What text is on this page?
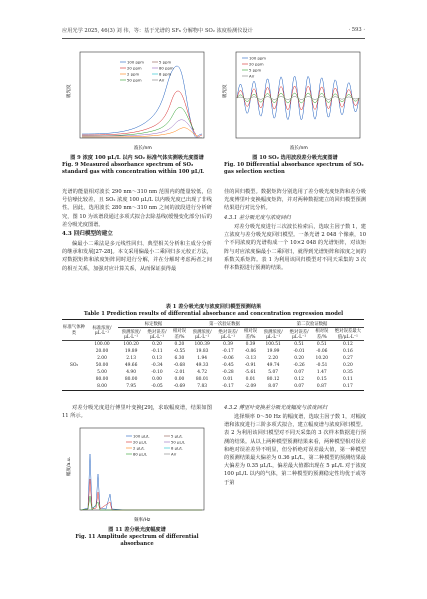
应用光学 2025, 46(3) 刘 伟，等：基于光谱的 SF₆ 分解物中 SO₂ 浓度检测仪设计	· 593 ·
吸光度
波长/nm
100 ppm	5 ppm
20 ppm	80 ppm
2 ppm	8 ppm
50 ppm	Air
图 9 浓度 100 μL/L 以内 SO₂ 标准气体实测吸光度图谱
Fig. 9 Measured absorbance spectrum of SO₂ standard gas with concentration within 100 μL/L
吸光度
波长/nm
100 ppm
20 ppm
5 ppm
Air
图 10 SO₂ 选用波段差分吸光度图谱
Fig. 10 Differential absorbance spectrum of SO₂ gas selection section
光谱的能量相对波长 290 nm～310 nm 范围内的能量较低，信号信噪比较差，且 SO₂ 浓度 100 μL/L 以内吸光度已出现了非线性。因此，选用波长 280 nm～310 nm 之间的波段进行分析研究，图 10 为该谱段通过多项式拟合去除基线(缓慢变化部分)后的差分吸光度图谱。
4.3 回归模型的建立
偏最小二乘法是多元线性回归、典型相关分析和主成分分析的继承和发展[27-28]。本文采用偏最小二乘回归多元校正方法，对数据矩阵和浓度矩阵同时进行分解，并在分解时考虑两者之间的相互关系，加强对应计算关系，从而保证获得最
佳的回归模型。数据矩阵分别选用了差分吸光度矩阵和差分吸光度傅里叶变换幅度矩阵，并对两种数据建立的回归模型预测结果进行对比分析。
4.3.1 差分吸光度与浓度回归
对差分吸光度进行三次波长检索后，选取主因子数 1，建立浓度与差分吸光度回归模型。一条光谱 2 048 个像素，10 个不同浓度的光谱构成一个 10×2 048 的光谱矩阵，对该矩阵与对应浓度偏最小二乘回归，就得到光谱矩阵和浓度之间的系数关系矩阵。表 1 为利用该回归模型对不同天采集的 3 次样本数据进行预测的结果。
表 1 差分吸光度与浓度回归模型预测结果
Table 1 Prediction results of differential absorbance and concentration regression model
标准气体种类	标准浓度/μL·L⁻¹	标定数据			第一次验证数据			第二次验证数据			
		预测浓度/μL·L⁻¹	绝对误差/μL·L⁻¹	相对误差/%	预测浓度/μL·L⁻¹	绝对误差/μL·L⁻¹	相对误差/%	预测浓度/μL·L⁻¹	绝对误差/μL·L⁻¹	相对误差/%	绝对误差最大值/μL·L⁻¹
SO₂	100.00	100.20	0.20	0.20	100.39	0.39	0.39	100.51	0.51	0.51	0.12
	20.00	19.89	-0.11	-0.55	19.83	-0.17	-0.86	19.99	-0.01	-0.06	0.16
	2.00	2.13	0.13	6.30	1.94	-0.06	-3.13	2.20	0.20	10.20	0.27
	50.00	49.66	-0.34	-0.68	49.33	-0.45	-0.91	49.74	-0.26	-0.51	0.20
	5.00	4.90	-0.10	-2.01	4.72	-0.28	-5.61	5.07	0.07	1.47	0.35
	80.00	80.00	0.00	0.00	80.01	0.01	0.01	80.12	0.12	0.15	0.11
	8.00	7.95	-0.05	-0.69	7.83	-0.17	-2.09	8.07	0.07	0.87	0.17
幅度/a.u.
频率/Hz
100 μL/L	5 μL/L
20 μL/L	50 μL/L
2 μL/L	8 μL/L
80 μL/L	Air
图 11 差分吸光度幅度谱
Fig. 11 Amplitude spectrum of differential absorbance
对差分吸光度进行傅里叶变换[29]，求取幅度谱，结果如图 11 所示。
4.3.2 傅里叶变换差分吸光度幅度与浓度回归
选择频率 0～50 Hz 的幅度谱，选取主因子数 1，对幅度谱和浓度进行三阶多项式拟合，建立幅度谱与浓度回归模型。表 2 为利用该回归模型对不同天采集的 3 次样本数据进行预测的结果。从以上两种模型预测结果来看，两种模型相对误差和绝对误差差异不明显，但分析绝对误差最大值，第一种模型的预测结果最大偏差为 0.36 μL/L，第二种模型的预测结果最大偏差为 0.35 μL/L，偏差最大值都出现在 5 μL/L 对于浓度 100 μL/L 以内的气体，第二种模型的预测稳定性均优于或等于第
